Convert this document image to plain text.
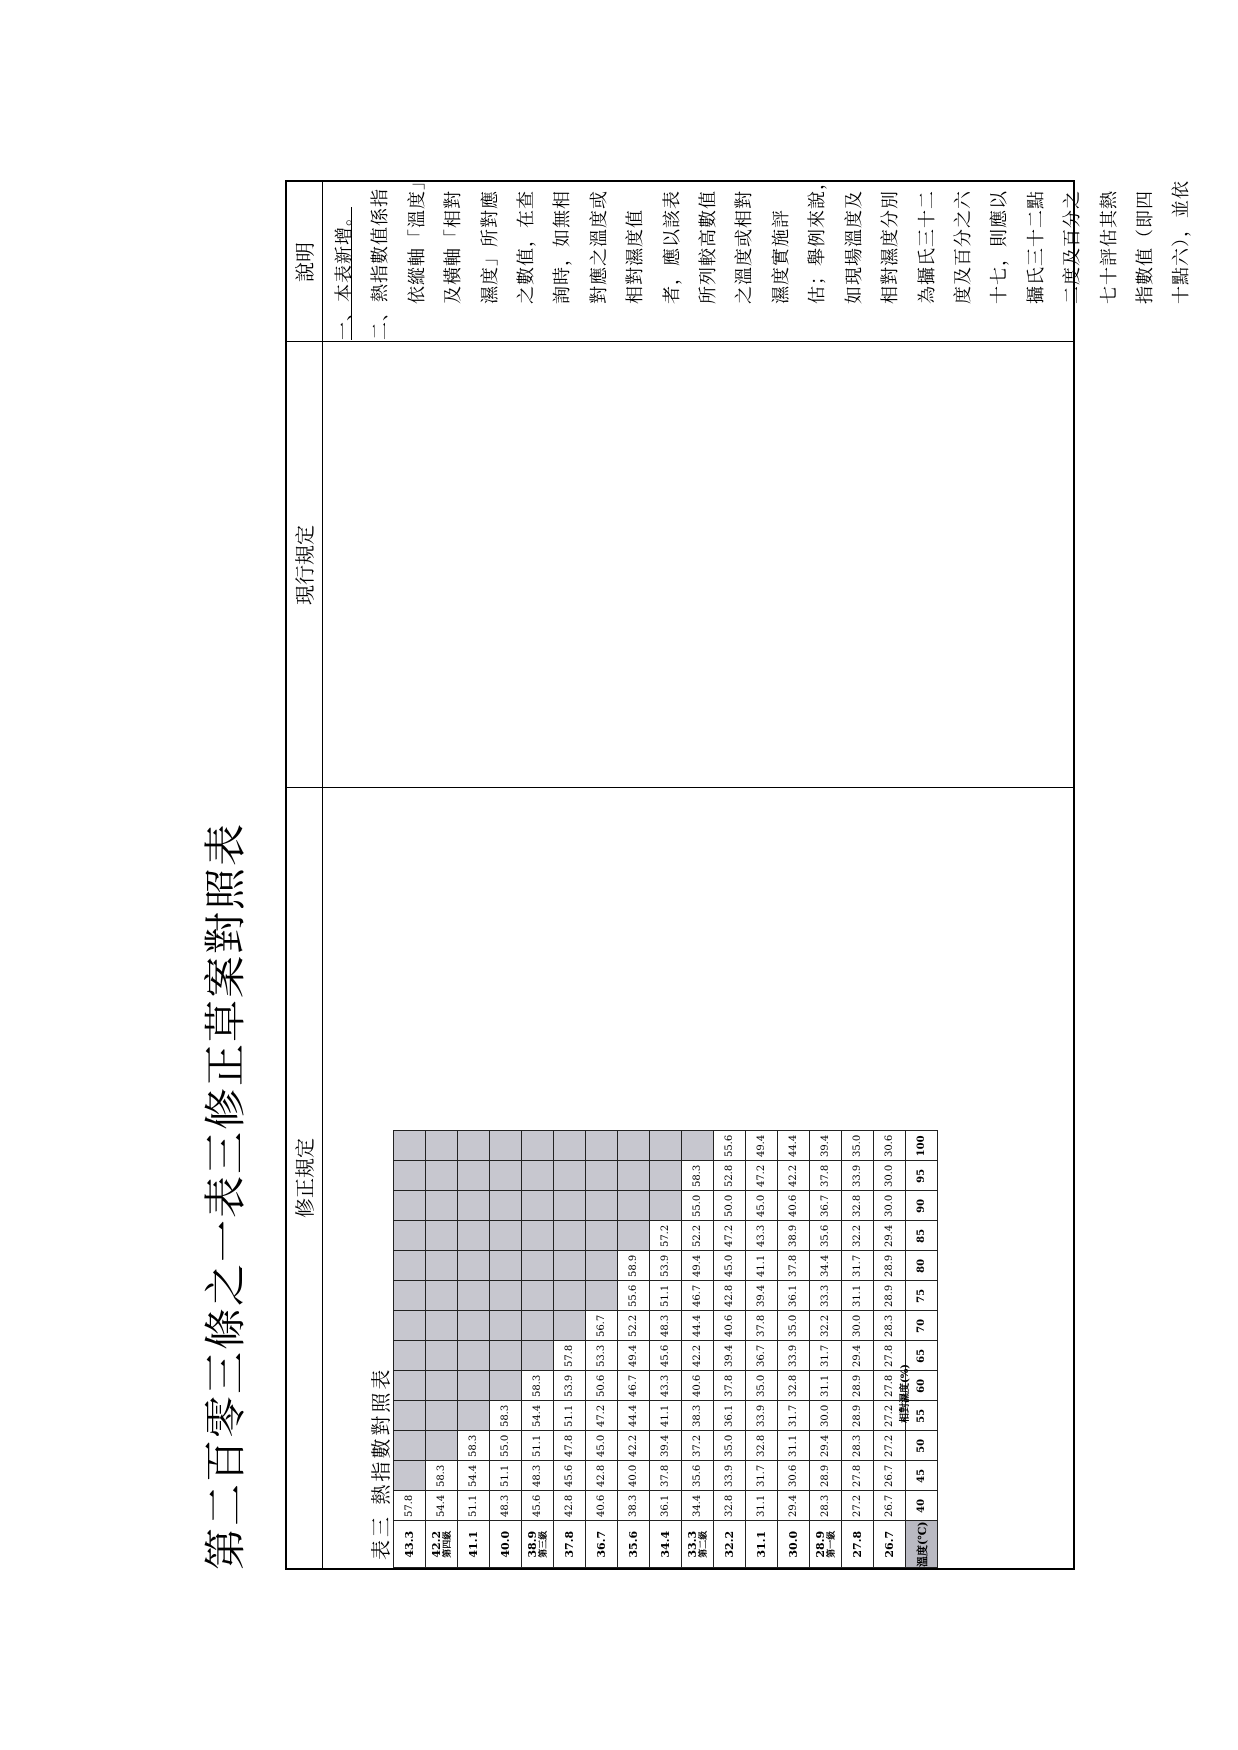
第二百零三條之一表三修正草案對照表	修正規定
現行規定
說明
表三 熱指數對照表 43.3	57.8												
42.2 第四級	54.4	58.3											
41.1	51.1	54.4	58.3										
40.0	48.3	51.1	55.0	58.3									
38.9 第三級	45.6	48.3	51.1	54.4	58.3								
37.8	42.8	45.6	47.8	51.1	53.9	57.8							
36.7	40.6	42.8	45.0	47.2	50.6	53.3	56.7						
35.6	38.3	40.0	42.2	44.4	46.7	49.4	52.2	55.6	58.9				
34.4	36.1	37.8	39.4	41.1	43.3	45.6	48.3	51.1	53.9	57.2			
33.3 第二級	34.4	35.6	37.2	38.3	40.6	42.2	44.4	46.7	49.4	52.2	55.0	58.3	
32.2	32.8	33.9	35.0	36.1	37.8	39.4	40.6	42.8	45.0	47.2	50.0	52.8	55.6
31.1	31.1	31.7	32.8	33.9	35.0	36.7	37.8	39.4	41.1	43.3	45.0	47.2	49.4
30.0	29.4	30.6	31.1	31.7	32.8	33.9	35.0	36.1	37.8	38.9	40.6	42.2	44.4
28.9 第一級	28.3	28.9	29.4	30.0	31.1	31.7	32.2	33.3	34.4	35.6	36.7	37.8	39.4
27.8	27.2	27.8	28.3	28.9	28.9	29.4	30.0	31.1	31.7	32.2	32.8	33.9	35.0
26.7	26.7	26.7	27.2	27.2	27.8	27.8	28.3	28.9	28.9	29.4	30.0	30.0	30.6
溫度(℃)	40	45	50	55	60	65	70	75	80	85	90	95	100
相對濕度(%)
一、本表新增。 二、熱指數值係指 依縱軸「溫度」 及橫軸「相對 濕度」所對應 之數值，在查 詢時，如無相 對應之溫度或 相對濕度值 者，應以該表 所列較高數值 之溫度或相對 濕度實施評 估；舉例來說， 如現場溫度及 相對濕度分別 為攝氏三十二 度及百分之六 十七，則應以 攝氏三十二點 二度及百分之 七十評估其熱 指數值（即四 十點六），並依
